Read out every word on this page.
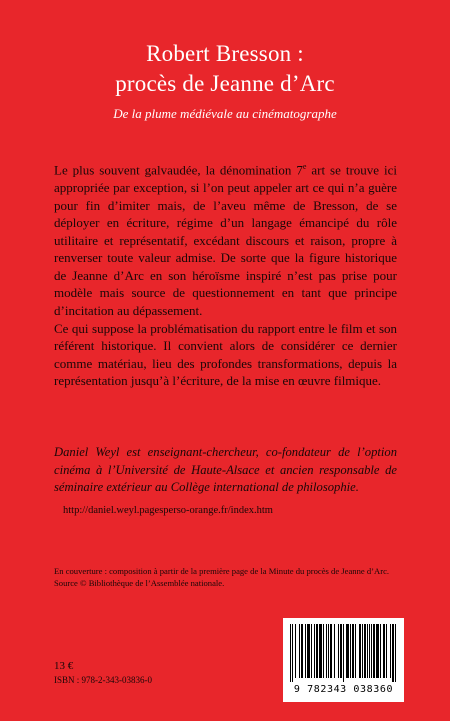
Robert Bresson :
procès de Jeanne d’Arc
De la plume médiévale au cinématographe

Le plus souvent galvaudée, la dénomination 7e art se trouve ici appropriée par exception, si l’on peut appeler art ce qui n’a guère pour fin d’imiter mais, de l’aveu même de Bresson, de se déployer en écriture, régime d’un langage émancipé du rôle utilitaire et représentatif, excédant discours et raison, propre à renverser toute valeur admise. De sorte que la figure historique de Jeanne d’Arc en son héroïsme inspiré n’est pas prise pour modèle mais source de questionnement en tant que principe d’incitation au dépassement.

Ce qui suppose la problématisation du rapport entre le film et son référent historique. Il convient alors de considérer ce dernier comme matériau, lieu des profondes transformations, depuis la représentation jusqu’à l’écriture, de la mise en œuvre filmique.

Daniel Weyl est enseignant-chercheur, co-fondateur de l’option cinéma à l’Université de Haute-Alsace et ancien responsable de séminaire extérieur au Collège international de philosophie.
http://daniel.weyl.pagesperso-orange.fr/index.htm
En couverture : composition à partir de la première page de la Minute du procès de Jeanne d’Arc. Source © Bibliothèque de l’Assemblée nationale.
13 €
ISBN : 978-2-343-03836-0
9 782343 038360
